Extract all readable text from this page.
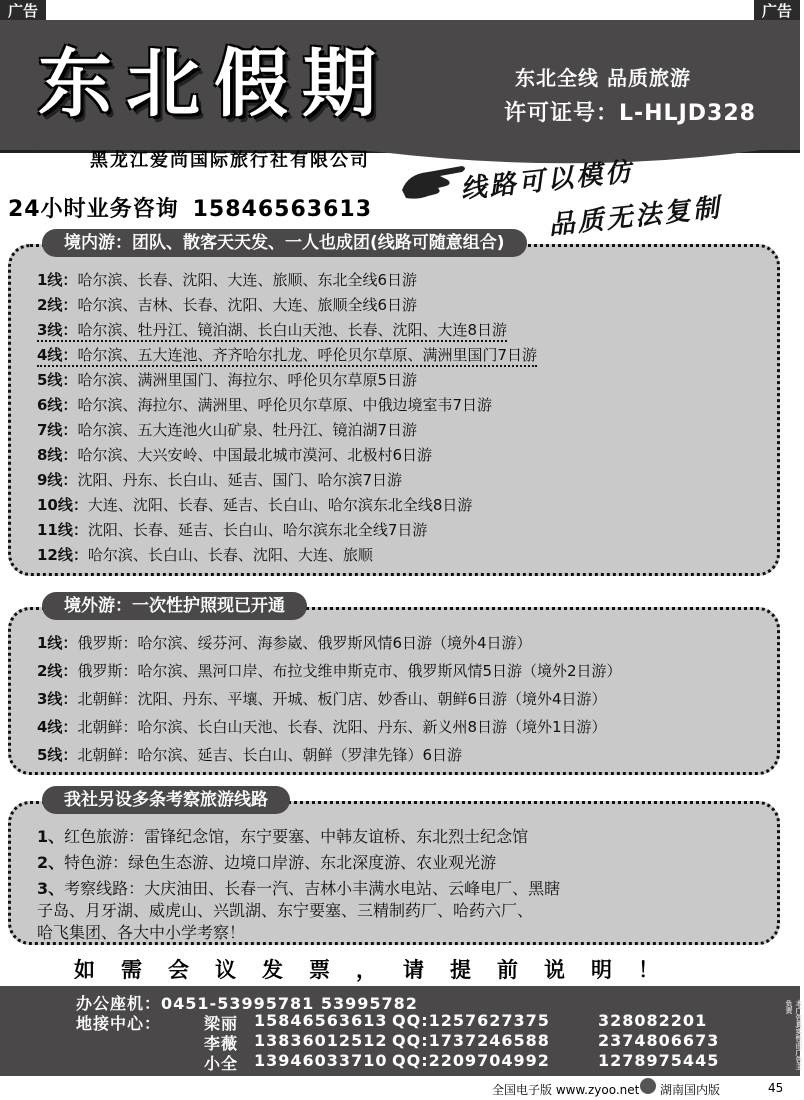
广告	广告
东北假期	东北全线 品质旅游
许可证号：L-HLJD328
黑龙江爱尚国际旅行社有限公司	线路可以模仿
品质无法复制
24小时业务咨询 15846563613
境内游：团队、散客天天发、一人也成团(线路可随意组合)
1线：哈尔滨、长春、沈阳、大连、旅顺、东北全线6日游
2线：哈尔滨、吉林、长春、沈阳、大连、旅顺全线6日游
3线：哈尔滨、牡丹江、镜泊湖、长白山天池、长春、沈阳、大连8日游
4线：哈尔滨、五大连池、齐齐哈尔扎龙、呼伦贝尔草原、满洲里国门7日游
5线：哈尔滨、满洲里国门、海拉尔、呼伦贝尔草原5日游
6线：哈尔滨、海拉尔、满洲里、呼伦贝尔草原、中俄边境室韦7日游
7线：哈尔滨、五大连池火山矿泉、牡丹江、镜泊湖7日游
8线：哈尔滨、大兴安岭、中国最北城市漠河、北极村6日游
9线：沈阳、丹东、长白山、延吉、国门、哈尔滨7日游
10线：大连、沈阳、长春、延吉、长白山、哈尔滨东北全线8日游
11线：沈阳、长春、延吉、长白山、哈尔滨东北全线7日游
12线：哈尔滨、长白山、长春、沈阳、大连、旅顺
境外游：一次性护照现已开通
1线：俄罗斯：哈尔滨、绥芬河、海参崴、俄罗斯风情6日游（境外4日游）
2线：俄罗斯：哈尔滨、黑河口岸、布拉戈维申斯克市、俄罗斯风情5日游（境外2日游）
3线：北朝鲜：沈阳、丹东、平壤、开城、板门店、妙香山、朝鲜6日游（境外4日游）
4线：北朝鲜：哈尔滨、长白山天池、长春、沈阳、丹东、新义州8日游（境外1日游）
5线：北朝鲜：哈尔滨、延吉、长白山、朝鲜（罗津先锋）6日游
我社另设多条考察旅游线路
1、红色旅游：雷锋纪念馆，东宁要塞、中韩友谊桥、东北烈士纪念馆
2、特色游：绿色生态游、边境口岸游、东北深度游、农业观光游
3、考察线路：大庆油田、长春一汽、吉林小丰满水电站、云峰电厂、黑瞎
子岛、月牙湖、威虎山、兴凯湖、东宁要塞、三精制药厂、哈药六厂、
哈飞集团、各大中小学考察！
如需会议发票，请提前说明！
办公座机：0451-53995781 53995782
地接中心：	梁丽 15846563613 QQ:1257627375	328082201
李薇 13836012512 QQ:1737246588	2374806673
小全 13946033710 QQ:2209704992	1278975445	本广告真实性由广告主负责
全国电子版 www.zyoo.net 湖南国内版	45
